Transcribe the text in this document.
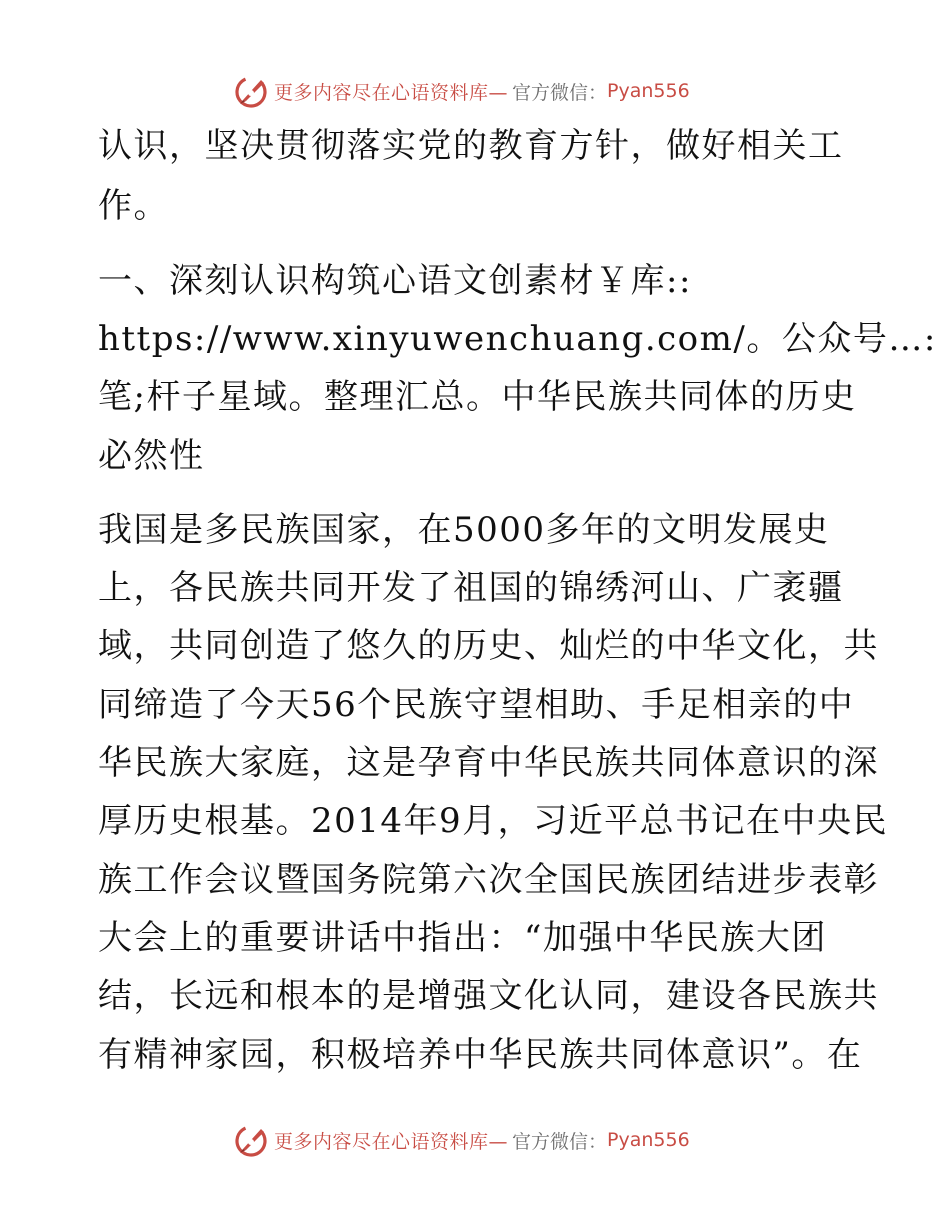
更多内容尽在心语资料库— 官方微信： Pyan556
认识，坚决贯彻落实党的教育方针，做好相关工
作。
一、深刻认识构筑心语文创素材￥库::
https://www.xinyuwenchuang.com/。公众号…:
笔;杆子星域。整理汇总。中华民族共同体的历史
必然性
我国是多民族国家，在5000多年的文明发展史
上，各民族共同开发了祖国的锦绣河山、广袤疆
域，共同创造了悠久的历史、灿烂的中华文化，共
同缔造了今天56个民族守望相助、手足相亲的中
华民族大家庭，这是孕育中华民族共同体意识的深
厚历史根基。2014年9月，习近平总书记在中央民
族工作会议暨国务院第六次全国民族团结进步表彰
大会上的重要讲话中指出：“加强中华民族大团
结，长远和根本的是增强文化认同，建设各民族共
有精神家园，积极培养中华民族共同体意识”。在
更多内容尽在心语资料库— 官方微信： Pyan556
